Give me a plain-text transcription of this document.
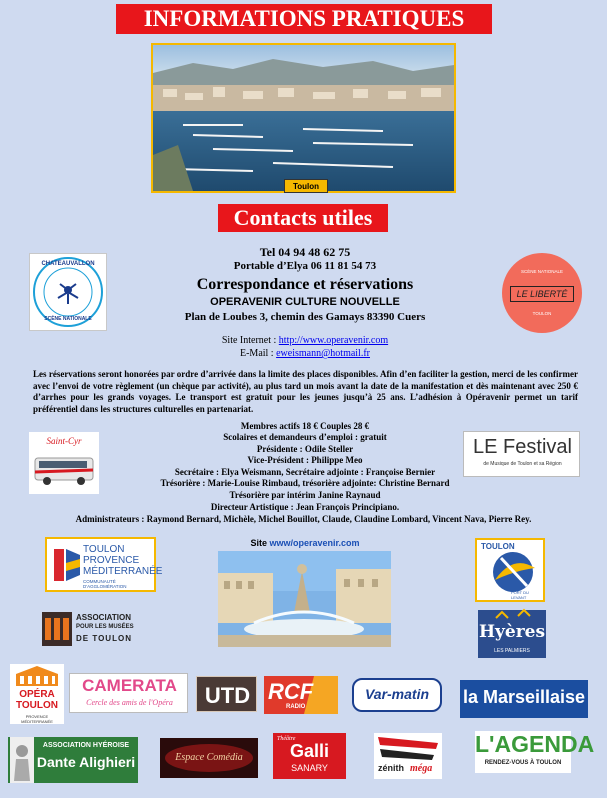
INFORMATIONS PRATIQUES
Toulon
Contacts utiles
Tel 04 94 48 62 75
Portable d’Elya 06 11 81 54 73
Correspondance et réservations
OPERAVENIR CULTURE NOUVELLE
Plan de Loubes 3, chemin des Gamays 83390 Cuers
Site Internet : http://www.operavenir.com
E-Mail : eweismann@hotmail.fr
CHATEAUVALLON
SCÈNE NATIONALE
SCÈNE NATIONALE
LE LIBERTÉ
TOULON
Les réservations seront honorées par ordre d’arrivée dans la limite des places disponibles. Afin d’en faciliter la gestion, merci de les confirmer avec l’envoi de votre règlement (un chèque par activité), au plus tard un mois avant la date de la manifestation et dès maintenant avec 250 € d’arrhes pour les grands voyages. Le transport est gratuit pour les jeunes jusqu’à 25 ans. L’adhésion à Opéravenir permet un tarif préférentiel dans les structures culturelles en partenariat.
Membres actifs 18 € Couples 28 €
Scolaires et demandeurs d’emploi : gratuit
Présidente : Odile Steller
Vice-Président : Philippe Meo
Secrétaire : Elya Weismann, Secrétaire adjointe : Françoise Bernier
Trésorière : Marie-Louise Rimbaud, trésorière adjointe: Christine Bernard
Trésorière par intérim Janine Raynaud
Directeur Artistique : Jean François Principiano.
Administrateurs : Raymond Bernard, Michèle, Michel Bouillot, Claude, Claudine Lombard, Vincent Nava, Pierre Rey.
Saint-Cyr	LE Festival
de Musique de Toulon et sa Région
Site www/operavenir.com
TOULON
PROVENCE
MÉDITERRANÉE
COMMUNAUTÉ D'AGGLOMÉRATION
TOULON
PORT DU LEVANT
ASSOCIATION
POUR LES MUSÉES
DE TOULON	Hyères
LES PALMIERS
OPÉRA
TOULON
PROVENCE MÉDITERRANÉE
CAMERATA
Cercle des amis de l'Opéra	UTD RCF
RADIO
Var-matin	la Marseillaise
ASSOCIATION HYÉROISE
Dante Alighieri	Espace Comédia
Théâtre
Galli
SANARY	zénith méga
L'AGENDA
RENDEZ-VOUS À TOULON
